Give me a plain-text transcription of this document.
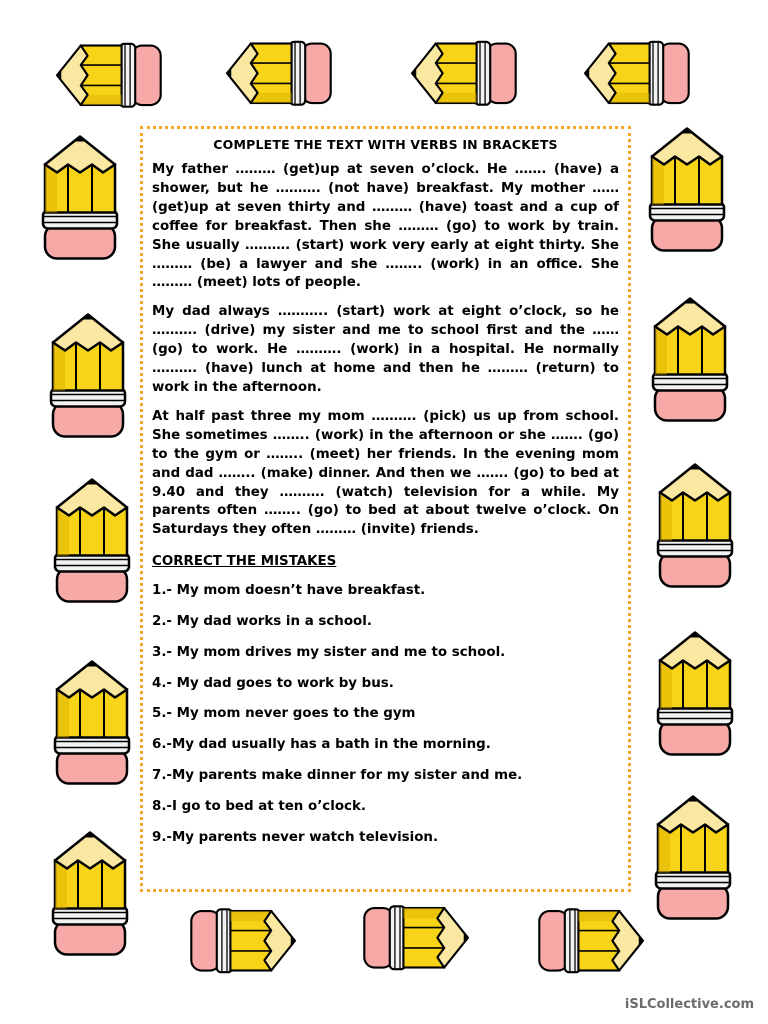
COMPLETE THE TEXT WITH VERBS IN BRACKETS

My father ……… (get)up at seven o’clock. He ……. (have) a shower, but he ………. (not have) breakfast. My mother …… (get)up at seven thirty and ……… (have) toast and a cup of coffee for breakfast. Then she ……… (go) to work by train. She usually ………. (start) work very early at eight thirty. She ……… (be) a lawyer and she …….. (work) in an office. She ……… (meet) lots of people.

My dad always ……….. (start) work at eight o’clock, so he ………. (drive) my sister and me to school first and the …… (go) to work. He ………. (work) in a hospital. He normally ………. (have) lunch at home and then he ……… (return) to work in the afternoon.

At half past three my mom ………. (pick) us up from school. She sometimes …….. (work) in the afternoon or she ……. (go) to the gym or …….. (meet) her friends. In the evening mom and dad …….. (make) dinner. And then we ……. (go) to bed at 9.40 and they ………. (watch) television for a while. My parents often …….. (go) to bed at about twelve o’clock. On Saturdays they often ……… (invite) friends.

CORRECT THE MISTAKES
1.- My mom doesn’t have breakfast.
2.- My dad works in a school.
3.- My mom drives my sister and me to school.
4.- My dad goes to work by bus.
5.- My mom never goes to the gym
6.-My dad usually has a bath in the morning.
7.-My parents make dinner for my sister and me.
8.-I go to bed at ten o’clock.
9.-My parents never watch television.
iSLCollective.com
